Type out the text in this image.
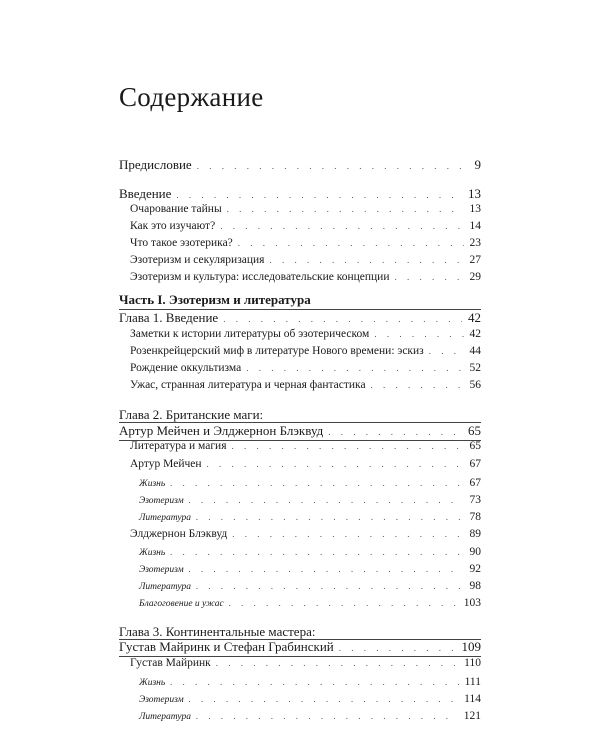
Содержание
Предисловие . . .	9
Введение . . .	13
Очарование тайны . . .	13
Как это изучают? . . .	14
Что такое эзотерика? . . .	23
Эзотеризм и секуляризация . . .	27
Эзотеризм и культура: исследовательские концепции . . .	29
Часть I. Эзотеризм и литература
Глава 1. Введение . . .	42
Заметки к истории литературы об эзотерическом . . .	42
Розенкрейцерский миф в литературе Нового времени: эскиз . . .	44
Рождение оккультизма . . .	52
Ужас, странная литература и черная фантастика . . .	56
Глава 2. Британские маги:
Артур Мейчен и Элджернон Блэквуд . . .	65
Литература и магия . . .	65
Артур Мейчен . . .	67
Жизнь . . .	67
Эзотеризм . . .	73
Литература . . .	78
Элджернон Блэквуд . . .	89
Жизнь . . .	90
Эзотеризм . . .	92
Литература . . .	98
Благоговение и ужас . . .	103
Глава 3. Континентальные мастера:
Густав Майринк и Стефан Грабинский . . .	109
Густав Майринк . . .	110
Жизнь . . .	111
Эзотеризм . . .	114
Литература . . .	121
